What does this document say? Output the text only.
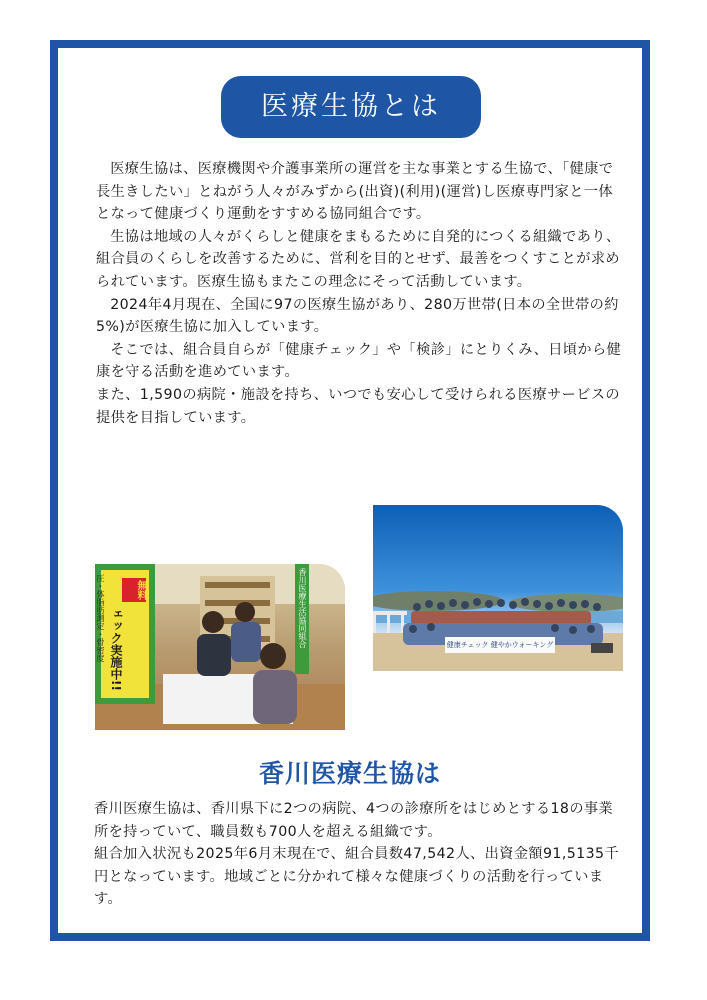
医療生協とは

医療生協は、医療機関や介護事業所の運営を主な事業とする生協で、「健康で長生きしたい」とねがう人々がみずから(出資)(利用)(運営)し医療専門家と一体となって健康づくり運動をすすめる協同組合です。

生協は地域の人々がくらしと健康をまもるために自発的につくる組織であり、組合員のくらしを改善するために、営利を目的とせず、最善をつくすことが求められています。医療生協もまたこの理念にそって活動しています。

2024年4月現在、全国に97の医療生協があり、280万世帯(日本の全世帯の約5%)が医療生協に加入しています。

そこでは、組合員自らが「健康チェック」や「検診」にとりくみ、日頃から健康を守る活動を進めています。

また、1,590の病院・施設を持ち、いつでも安心して受けられる医療サービスの提供を目指しています。

無料
ェック実施中!!
圧・体脂肪測定・骨密度	香川医療生活協同組合	健康チェック 健やかウォーキング
香川医療生協は

香川医療生協は、香川県下に2つの病院、4つの診療所をはじめとする18の事業所を持っていて、職員数も700人を超える組織です。

組合加入状況も2025年6月末現在で、組合員数47,542人、出資金額91,5135千円となっています。地域ごとに分かれて様々な健康づくりの活動を行っています。
